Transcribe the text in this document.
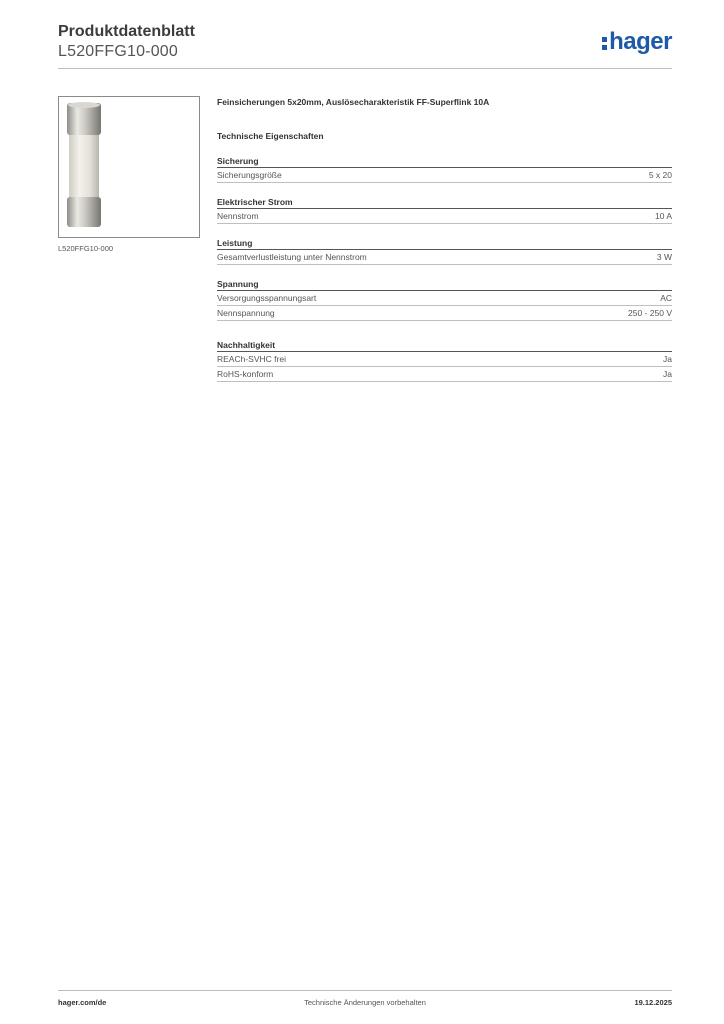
Produktdatenblatt
L520FFG10-000	hager
L520FFG10-000
Feinsicherungen 5x20mm, Auslösecharakteristik FF-Superflink 10A
Technische Eigenschaften
Sicherung
Sicherungsgröße	5 x 20
Elektrischer Strom
Nennstrom	10 A
Leistung
Gesamtverlustleistung unter Nennstrom	3 W
Spannung
Versorgungsspannungsart	AC
Nennspannung	250 - 250 V
Nachhaltigkeit
REACh-SVHC frei	Ja
RoHS-konform	Ja
Technische Änderungen vorbehalten
hager.com/de	19.12.2025
